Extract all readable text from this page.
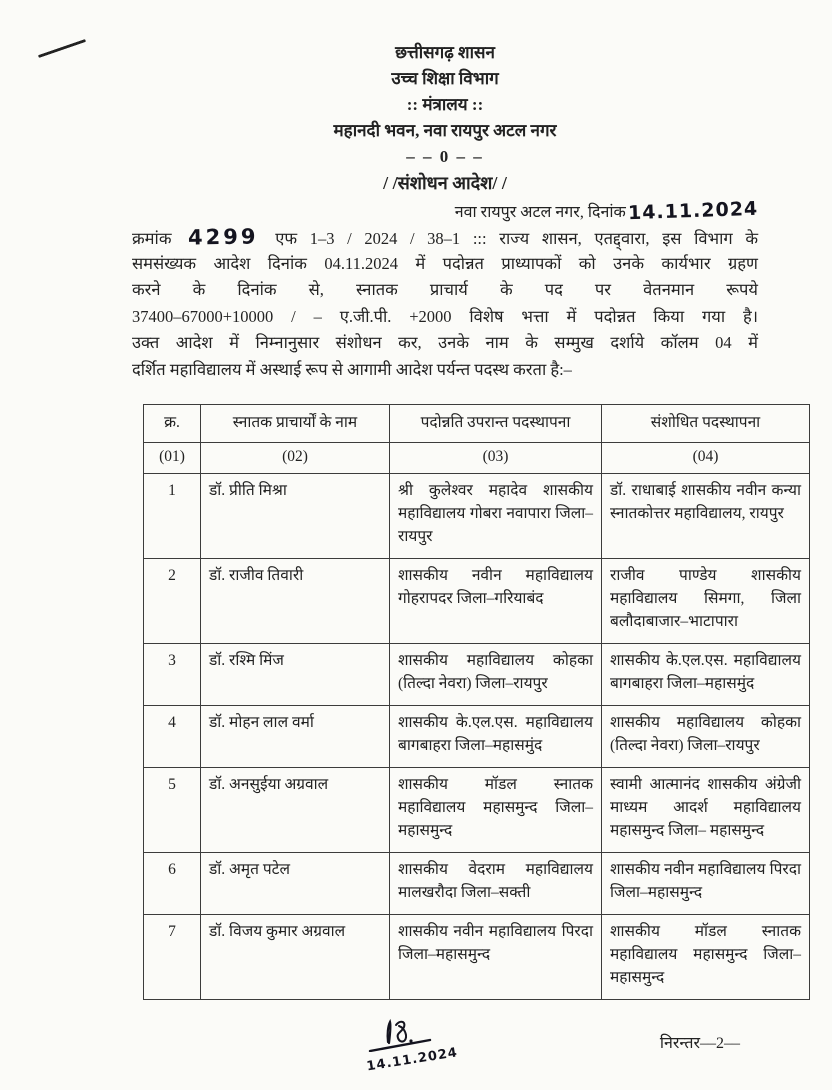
छत्तीसगढ़ शासन
उच्च शिक्षा विभाग
:: मंत्रालय ::
महानदी भवन, नवा रायपुर अटल नगर
– – 0 – –
/ /संशोधन आदेश/ /
नवा रायपुर अटल नगर, दिनांक14.11.2024
क्रमांक 4299 एफ 1–3 / 2024 / 38–1 ::: राज्य शासन, एतद्द्वारा, इस विभाग के
समसंख्यक आदेश दिनांक 04.11.2024 में पदोन्नत प्राध्यापकों को उनके कार्यभार ग्रहण
करने के दिनांक से, स्नातक प्राचार्य के पद पर वेतनमान रूपये
37400–67000+10000 / – ए.जी.पी. +2000 विशेष भत्ता में पदोन्नत किया गया है।
उक्त आदेश में निम्नानुसार संशोधन कर, उनके नाम के सम्मुख दर्शाये कॉलम 04 में
दर्शित महाविद्यालय में अस्थाई रूप से आगामी आदेश पर्यन्त पदस्थ करता है:–
क्र.	स्नातक प्राचार्यों के नाम	पदोन्नति उपरान्त पदस्थापना	संशोधित पदस्थापना
(01)	(02)	(03)	(04)
1	डॉ. प्रीति मिश्रा	श्री कुलेश्वर महादेव शासकीय महाविद्यालय गोबरा नवापारा जिला–रायपुर	डॉ. राधाबाई शासकीय नवीन कन्या स्नातकोत्तर महाविद्यालय, रायपुर
2	डॉ. राजीव तिवारी	शासकीय नवीन महाविद्यालय गोहरापदर जिला–गरियाबंद	राजीव पाण्डेय शासकीय महाविद्यालय सिमगा, जिला बलौदाबाजार–भाटापारा
3	डॉ. रश्मि मिंज	शासकीय महाविद्यालय कोहका (तिल्दा नेवरा) जिला–रायपुर	शासकीय के.एल.एस. महाविद्यालय बागबाहरा जिला–महासमुंद
4	डॉ. मोहन लाल वर्मा	शासकीय के.एल.एस. महाविद्यालय बागबाहरा जिला–महासमुंद	शासकीय महाविद्यालय कोहका (तिल्दा नेवरा) जिला–रायपुर
5	डॉ. अनसुईया अग्रवाल	शासकीय मॉडल स्नातक महाविद्यालय महासमुन्द जिला– महासमुन्द	स्वामी आत्मानंद शासकीय अंग्रेजी माध्यम आदर्श महाविद्यालय महासमुन्द जिला– महासमुन्द
6	डॉ. अमृत पटेल	शासकीय वेदराम महाविद्यालय मालखरौदा जिला–सक्ती	शासकीय नवीन महाविद्यालय पिरदा जिला–महासमुन्द
7	डॉ. विजय कुमार अग्रवाल	शासकीय नवीन महाविद्यालय पिरदा जिला–महासमुन्द	शासकीय मॉडल स्नातक महाविद्यालय महासमुन्द जिला– महासमुन्द
14.11.2024
निरन्तर––2––
